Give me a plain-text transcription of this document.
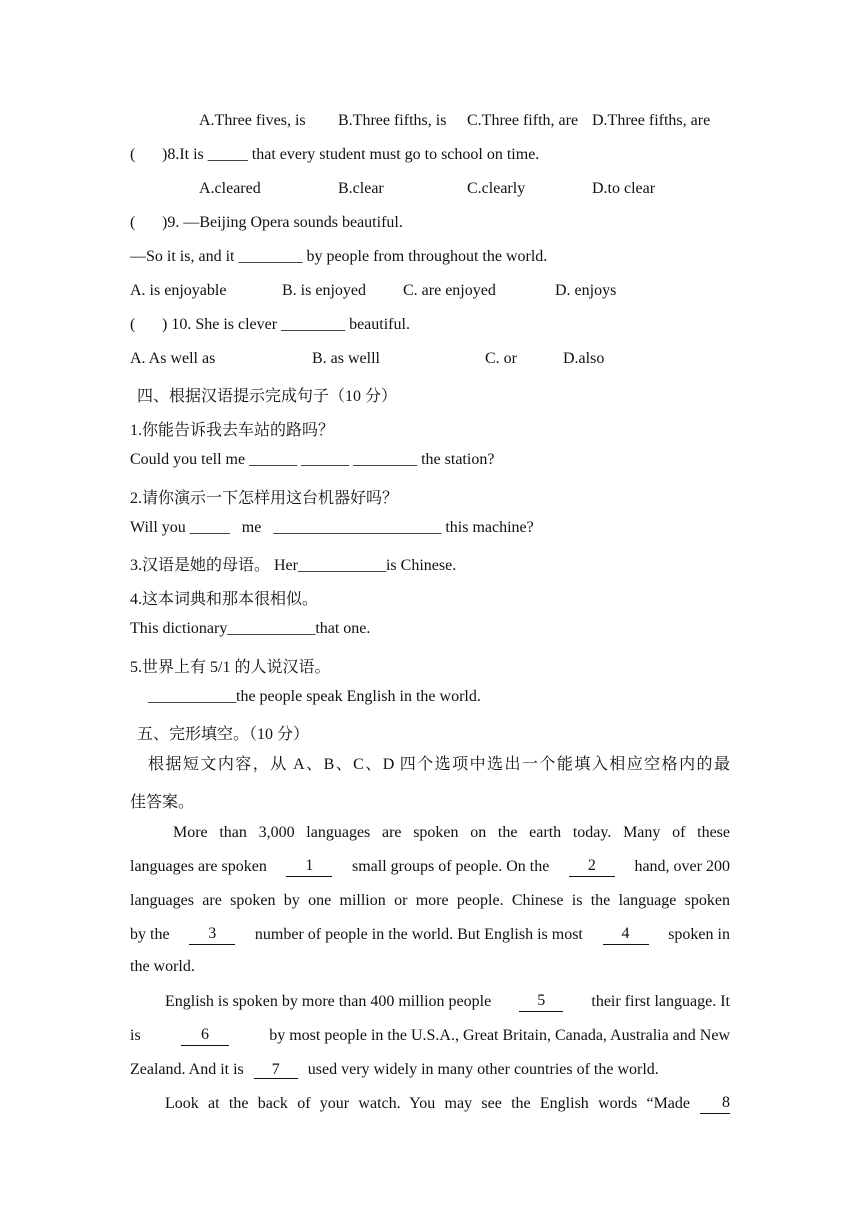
A.Three fives, is B.Three fifths, is C.Three fifth, are D.Three fifths, are
( )8.It is _____ that every student must go to school on time.
A.cleared	B.clear	C.clearly	D.to clear
( )9. —Beijing Opera sounds beautiful.
—So it is, and it ________ by people from throughout the world.
A. is enjoyable	B. is enjoyed C. are enjoyed	D. enjoys
( ) 10. She is clever ________ beautiful.
A. As well as	B. as welll	C. or	D.also
四、根据汉语提示完成句子（10 分）
1.你能告诉我去车站的路吗？
Could you tell me ______ ______ ________ the station?
2.请你演示一下怎样用这台机器好吗？
Will you _____ me _____________________ this machine?
3.汉语是她的母语。 Her___________is Chinese.
4.这本词典和那本很相似。
This dictionary___________that one.
5.世界上有 5/1 的人说汉语。
___________the people speak English in the world.
五、完形填空。（10 分）
根据短文内容，从 A、B、C、D 四个选项中选出一个能填入相应空格内的最
佳答案。
More than 3,000 languages are spoken on the earth today. Many of these
languages are spoken	1	small groups of people. On the	2	hand, over 200
languages are spoken by one million or more people. Chinese is the language spoken
by the	3	number of people in the world. But English is most	4	spoken in
the world.
English is spoken by more than 400 million people	5	their first language. It
is	6	by most people in the U.S.A., Great Britain, Canada, Australia and New
Zealand. And it is 7 used very widely in many other countries of the world.
Look at the back of your watch. You may see the English words “Made	8
